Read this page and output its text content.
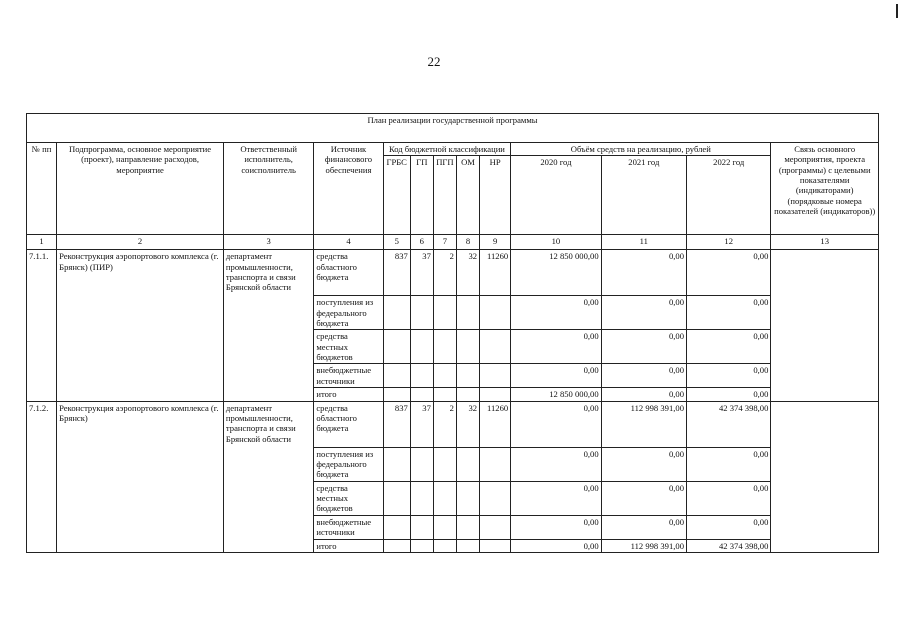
22
План реализации государственной программы												
№ пп	Подпрограмма, основное мероприятие (проект), направление расходов, мероприятие	Ответственный исполнитель, соисполнитель	Источник финансового обеспечения	Код бюджетной классификации					Объём средств на реализацию, рублей			Связь основного мероприятия, проекта (программы) с целевыми показателями (индикаторами) (порядковые номера показателей (индикаторов))
				ГРБС	ГП	ПГП	ОМ	НР	2020 год	2021 год	2022 год	
1	2	3	4	5	6	7	8	9	10	11	12	13
7.1.1.	Реконструкция аэропортового комплекса (г. Брянск) (ПИР)	департамент промышленности, транспорта и связи Брянской области	средства областного бюджета	837	37	2	32	11260	12 850 000,00	0,00	0,00	
			поступления из федерального бюджета						0,00	0,00	0,00	
			средства местных бюджетов						0,00	0,00	0,00	
			внебюджетные источники						0,00	0,00	0,00	
			итого						12 850 000,00	0,00	0,00	
7.1.2.	Реконструкция аэропортового комплекса (г. Брянск)	департамент промышленности, транспорта и связи Брянской области	средства областного бюджета	837	37	2	32	11260	0,00	112 998 391,00	42 374 398,00	
			поступления из федерального бюджета						0,00	0,00	0,00	
			средства местных бюджетов						0,00	0,00	0,00	
			внебюджетные источники						0,00	0,00	0,00	
			итого						0,00	112 998 391,00	42 374 398,00	
